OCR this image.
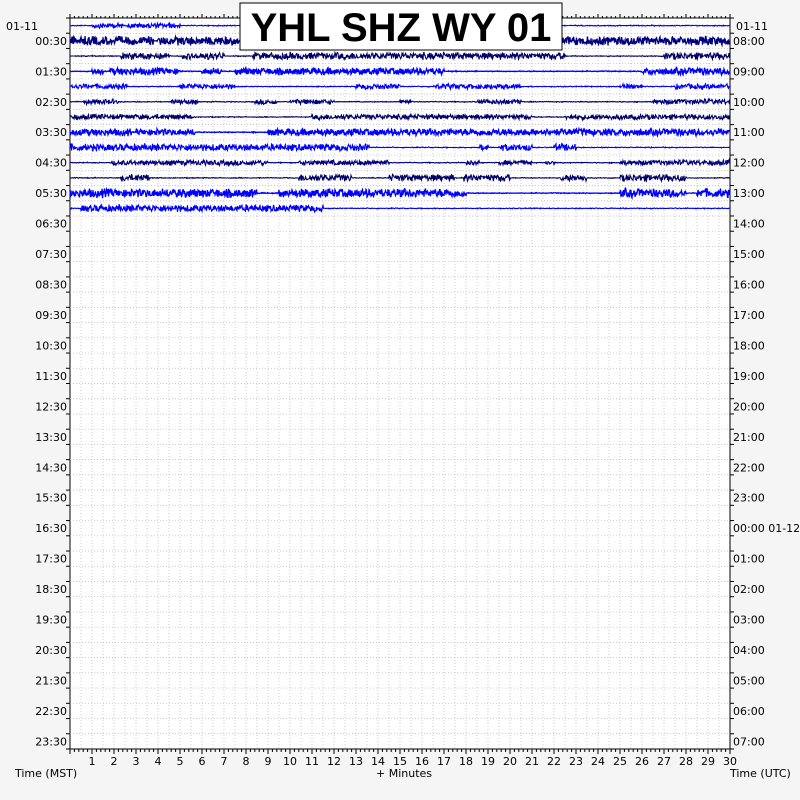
1 2 3 4 5 6 7 8 9 10 11 12 13 14 15 16 17 18 19 20 21 22 23 24 25 26 27 28 29 30
00:30
01:30
02:30
03:30
04:30
05:30
06:30
07:30
08:30
09:30
10:30
11:30
12:30
13:30
14:30
15:30
16:30
17:30
18:30
19:30
20:30
21:30
22:30
23:30
08:00
09:00
10:00
11:00
12:00
13:00
14:00
15:00
16:00
17:00
18:00
19:00
20:00
21:00
22:00
23:00
00:00 01-12
01:00
02:00
03:00
04:00
05:00
06:00
07:00
01-11	01-11
Time (MST)	+ Minutes	Time (UTC)
YHL SHZ WY 01
